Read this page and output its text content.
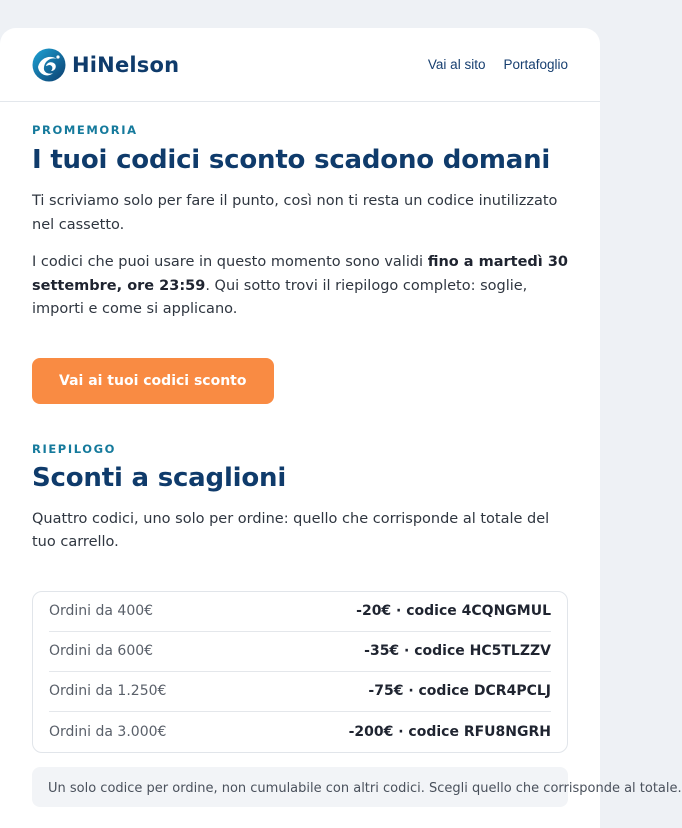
HiNelson	Vai al sito Portafoglio
PROMEMORIA
I tuoi codici sconto scadono domani

Ti scriviamo solo per fare il punto, così non ti resta un codice inutilizzato nel cassetto.

I codici che puoi usare in questo momento sono validi fino a martedì 30 settembre, ore 23:59. Qui sotto trovi il riepilogo completo: soglie, importi e come si applicano.

Vai ai tuoi codici sconto
RIEPILOGO
Sconti a scaglioni

Quattro codici, uno solo per ordine: quello che corrisponde al totale del tuo carrello.

Ordini da 400€	-20€ · codice 4CQNGMUL
Ordini da 600€	-35€ · codice HC5TLZZV
Ordini da 1.250€	-75€ · codice DCR4PCLJ
Ordini da 3.000€	-200€ · codice RFU8NGRH
Un solo codice per ordine, non cumulabile con altri codici. Scegli quello che corrisponde al totale.
